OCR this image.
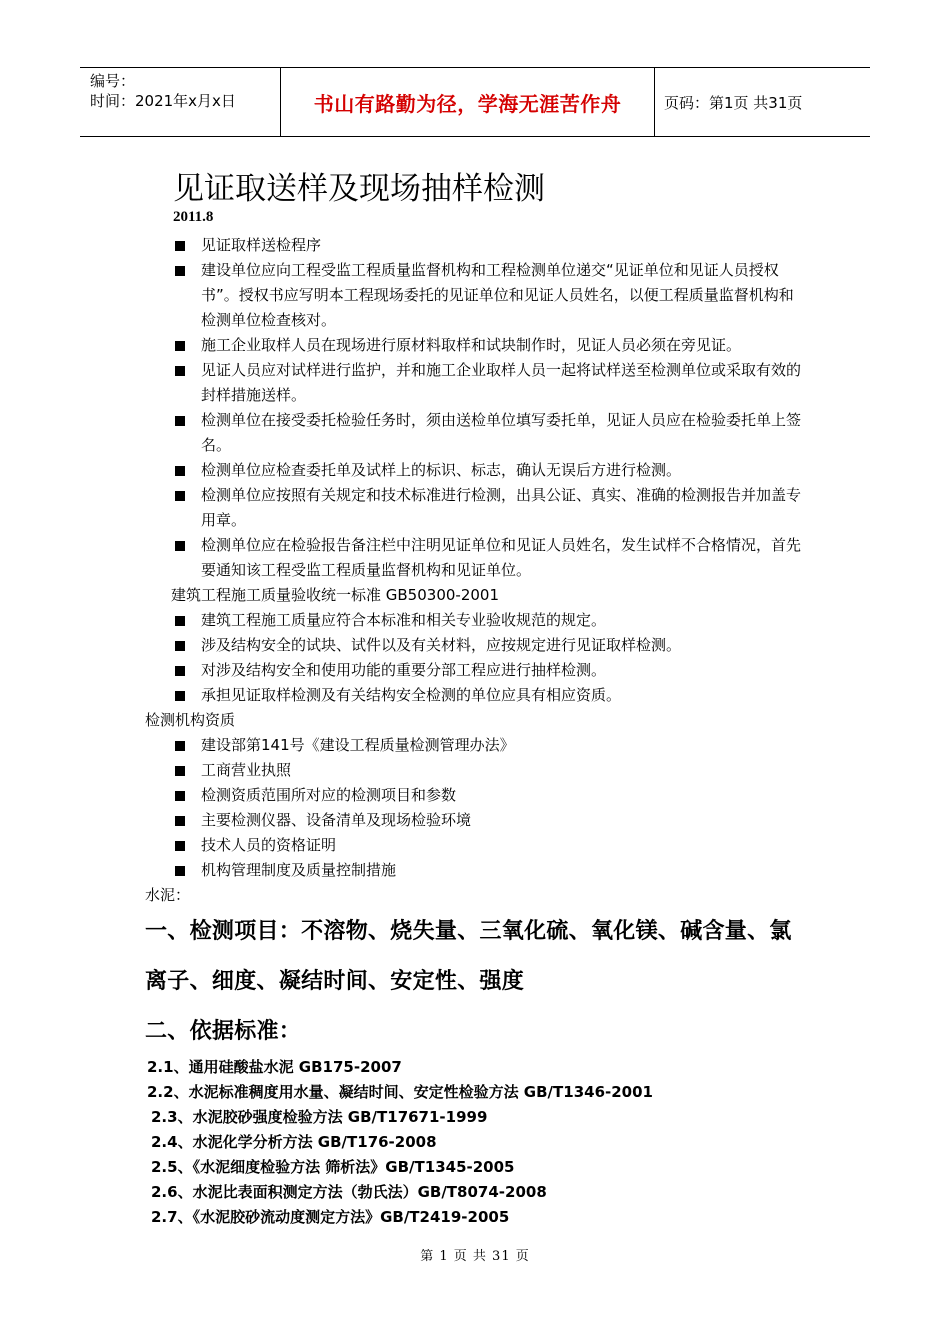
编号：
时间：2021年x月x日	书山有路勤为径，学海无涯苦作舟	页码：第1页 共31页
见证取送样及现场抽样检测
2011.8
见证取样送检程序
建设单位应向工程受监工程质量监督机构和工程检测单位递交“见证单位和见证人员授权书”。授权书应写明本工程现场委托的见证单位和见证人员姓名，以便工程质量监督机构和检测单位检查核对。
施工企业取样人员在现场进行原材料取样和试块制作时，见证人员必须在旁见证。
见证人员应对试样进行监护，并和施工企业取样人员一起将试样送至检测单位或采取有效的封样措施送样。
检测单位在接受委托检验任务时，须由送检单位填写委托单，见证人员应在检验委托单上签名。
检测单位应检查委托单及试样上的标识、标志，确认无误后方进行检测。
检测单位应按照有关规定和技术标准进行检测，出具公证、真实、准确的检测报告并加盖专用章。
检测单位应在检验报告备注栏中注明见证单位和见证人员姓名，发生试样不合格情况，首先要通知该工程受监工程质量监督机构和见证单位。
建筑工程施工质量验收统一标准 GB50300-2001
建筑工程施工质量应符合本标准和相关专业验收规范的规定。
涉及结构安全的试块、试件以及有关材料，应按规定进行见证取样检测。
对涉及结构安全和使用功能的重要分部工程应进行抽样检测。
承担见证取样检测及有关结构安全检测的单位应具有相应资质。
检测机构资质
建设部第141号《建设工程质量检测管理办法》
工商营业执照
检测资质范围所对应的检测项目和参数
主要检测仪器、设备清单及现场检验环境
技术人员的资格证明
机构管理制度及质量控制措施
水泥：
一、检测项目：不溶物、烧失量、三氧化硫、氧化镁、碱含量、氯
离子、细度、凝结时间、安定性、强度
二、依据标准：
2.1、通用硅酸盐水泥 GB175-2007
2.2、水泥标准稠度用水量、凝结时间、安定性检验方法 GB/T1346-2001
2.3、水泥胶砂强度检验方法 GB/T17671-1999
2.4、水泥化学分析方法 GB/T176-2008
2.5、《水泥细度检验方法 筛析法》GB/T1345-2005
2.6、水泥比表面积测定方法（勃氏法）GB/T8074-2008
2.7、《水泥胶砂流动度测定方法》GB/T2419-2005
第 1 页 共 31 页
